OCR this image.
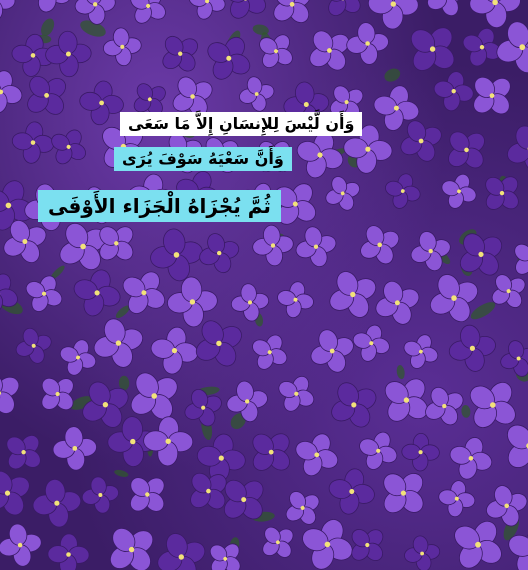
وَأَن لَّيْسَ لِلإِنسَانِ إِلاَّ مَا سَعَى
وَأَنَّ سَعْيَهُ سَوْفَ يُرَى
ثُمَّ يُجْزَاهُ الْجَزَاء الأَوْفَى
